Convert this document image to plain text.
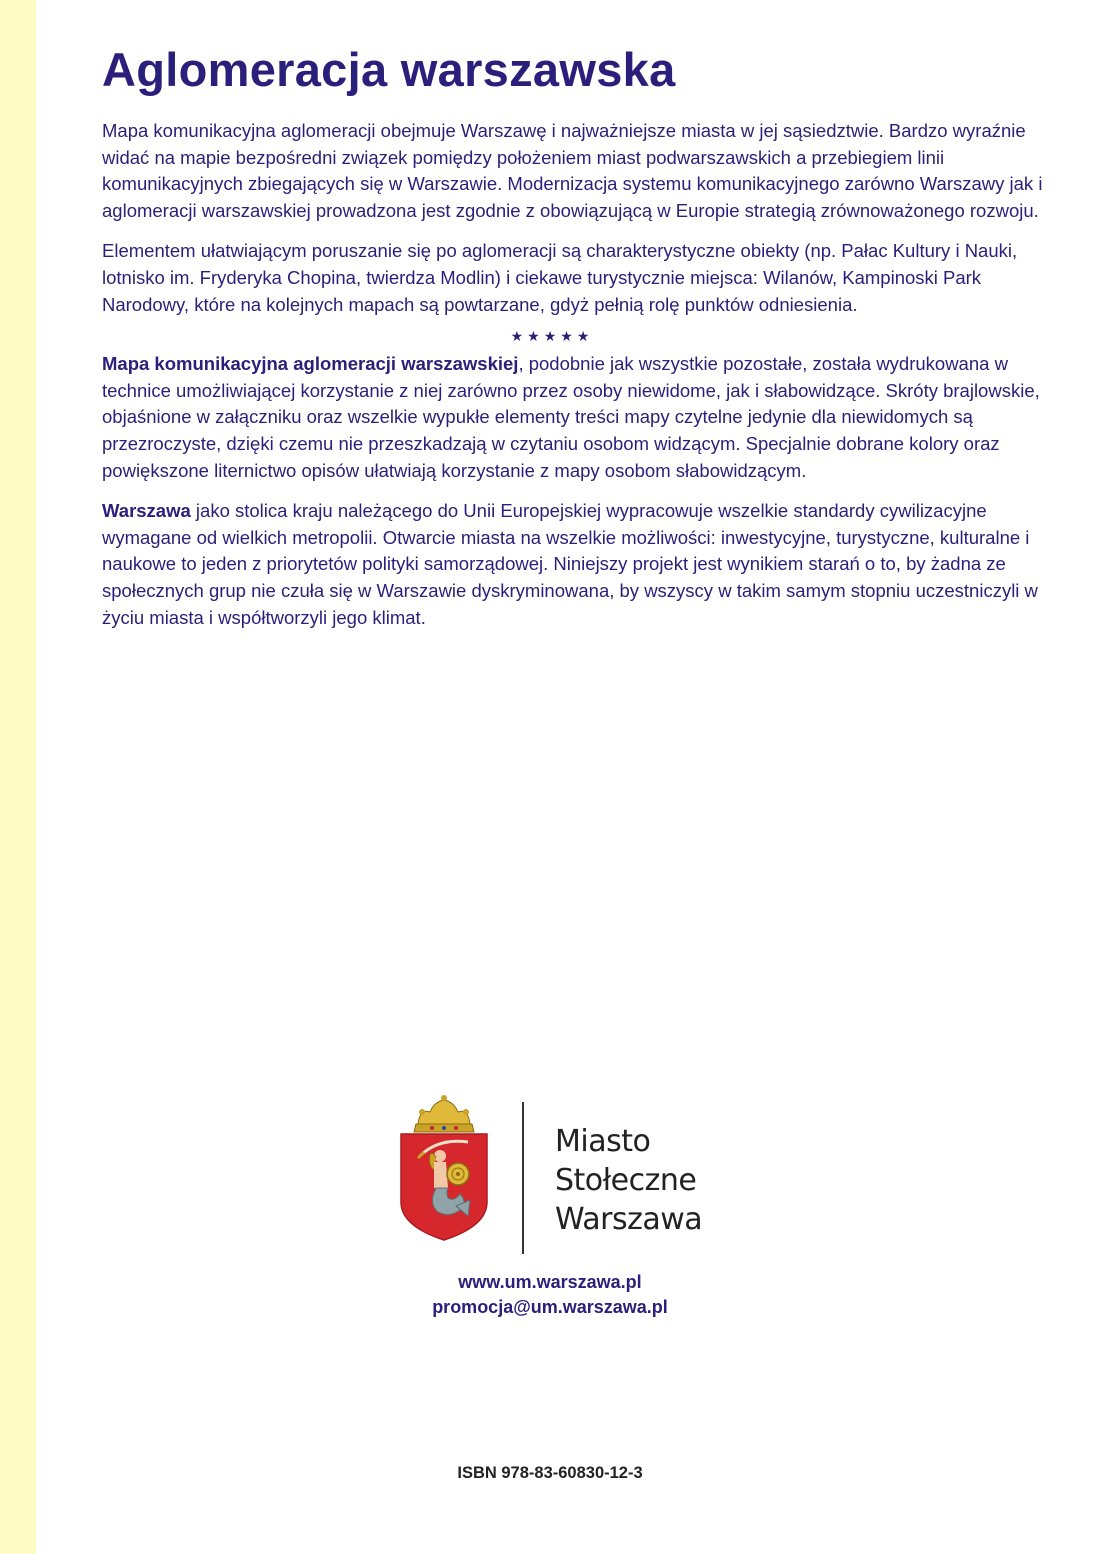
Aglomeracja warszawska

Mapa komunikacyjna aglomeracji obejmuje Warszawę i najważniejsze miasta w jej sąsiedztwie. Bardzo wyraźnie widać na mapie bezpośredni związek pomiędzy położeniem miast podwarszawskich a przebiegiem linii komunikacyjnych zbiegających się w Warszawie. Modernizacja systemu komunikacyjnego zarówno Warszawy jak i aglomeracji warszawskiej prowadzona jest zgodnie z obowiązującą w Europie strategią zrównoważonego rozwoju.

Elementem ułatwiającym poruszanie się po aglomeracji są charakterystyczne obiekty (np. Pałac Kultury i Nauki, lotnisko im. Fryderyka Chopina, twierdza Modlin) i ciekawe turystycznie miejsca: Wilanów, Kampinoski Park Narodowy, które na kolejnych mapach są powtarzane, gdyż pełnią rolę punktów odniesienia.

★★★★★

Mapa komunikacyjna aglomeracji warszawskiej, podobnie jak wszystkie pozostałe, została wydrukowana w technice umożliwiającej korzystanie z niej zarówno przez osoby niewidome, jak i słabowidzące. Skróty brajlowskie, objaśnione w załączniku oraz wszelkie wypukłe elementy treści mapy czytelne jedynie dla niewidomych są przezroczyste, dzięki czemu nie przeszkadzają w czytaniu osobom widzącym. Specjalnie dobrane kolory oraz powiększone liternictwo opisów ułatwiają korzystanie z mapy osobom słabowidzącym.

Warszawa jako stolica kraju należącego do Unii Europejskiej wypracowuje wszelkie standardy cywilizacyjne wymagane od wielkich metropolii. Otwarcie miasta na wszelkie możliwości: inwestycyjne, turystyczne, kulturalne i naukowe to jeden z priorytetów polityki samorządowej. Niniejszy projekt jest wynikiem starań o to, by żadna ze społecznych grup nie czuła się w Warszawie dyskryminowana, by wszyscy w takim samym stopniu uczestniczyli w życiu miasta i współtworzyli jego klimat.

Miasto
Stołeczne
Warszawa
www.um.warszawa.pl
promocja@um.warszawa.pl
ISBN 978-83-60830-12-3
